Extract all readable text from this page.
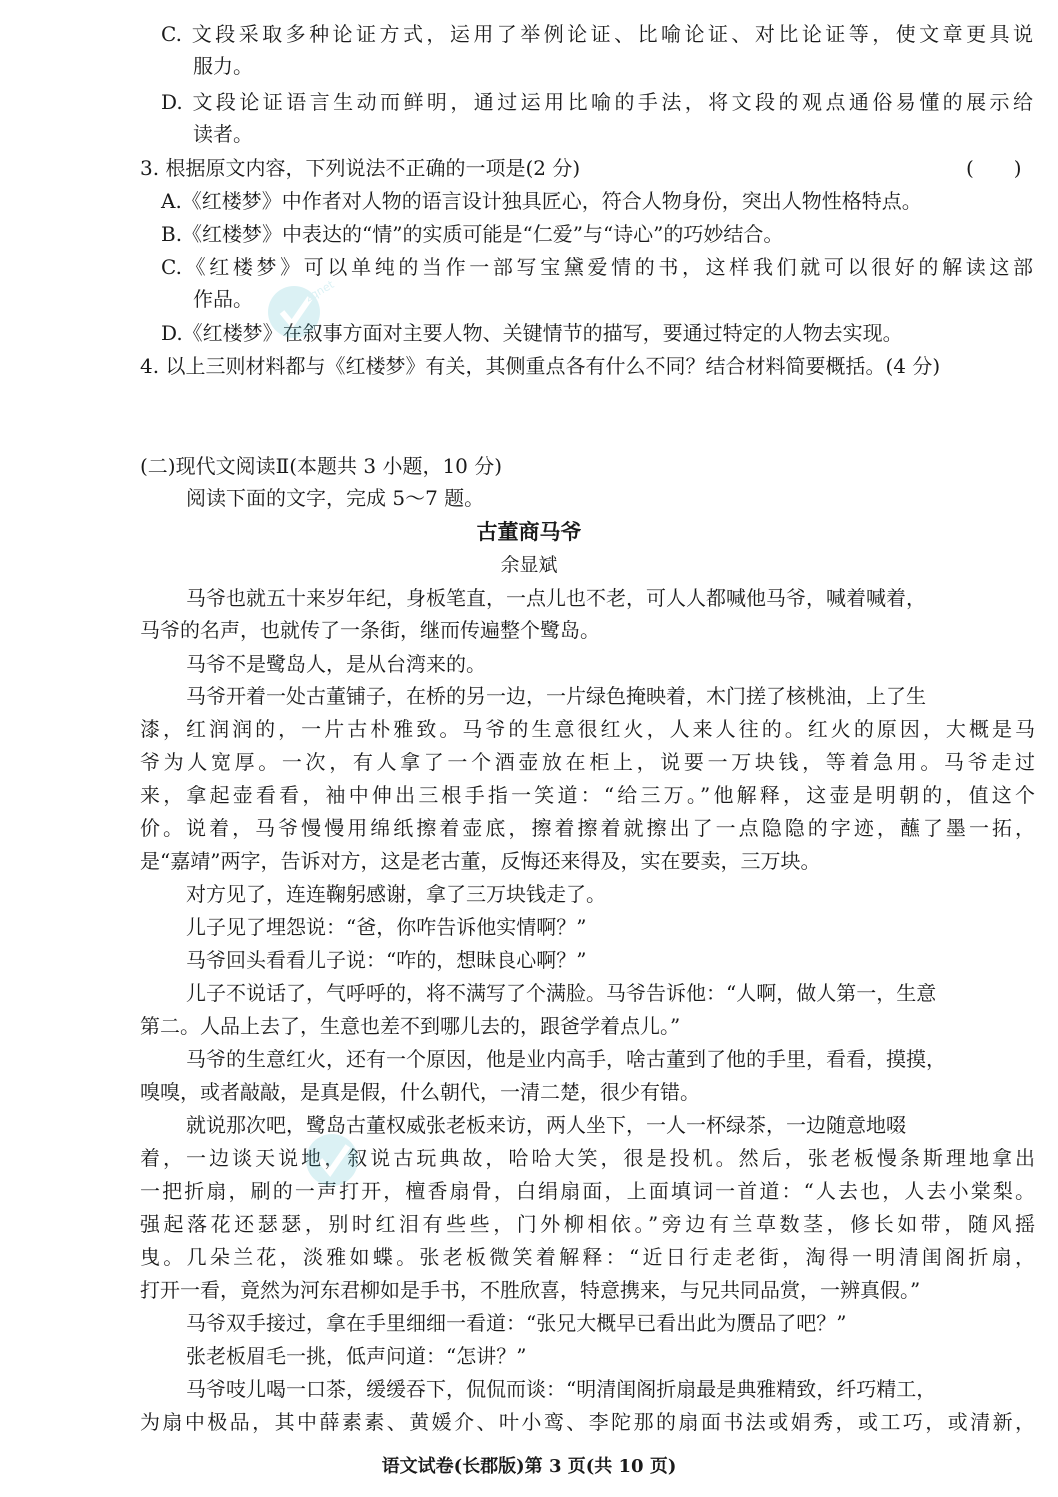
C. 文段采取多种论证方式，运用了举例论证、比喻论证、对比论证等，使文章更具说
服力。
D. 文段论证语言生动而鲜明，通过运用比喻的手法，将文段的观点通俗易懂的展示给
读者。
3. 根据原文内容，下列说法不正确的一项是(2 分)	(　　)
A.《红楼梦》中作者对人物的语言设计独具匠心，符合人物身份，突出人物性格特点。
B.《红楼梦》中表达的“情”的实质可能是“仁爱”与“诗心”的巧妙结合。
C.《红楼梦》可以单纯的当作一部写宝黛爱情的书，这样我们就可以很好的解读这部
作品。
D.《红楼梦》在叙事方面对主要人物、关键情节的描写，要通过特定的人物去实现。
4. 以上三则材料都与《红楼梦》有关，其侧重点各有什么不同？结合材料简要概括。(4 分)
(二)现代文阅读Ⅱ(本题共 3 小题，10 分)
阅读下面的文字，完成 5～7 题。
古董商马爷
余显斌
马爷也就五十来岁年纪，身板笔直，一点儿也不老，可人人都喊他马爷，喊着喊着，
马爷的名声，也就传了一条街，继而传遍整个鹭岛。
马爷不是鹭岛人，是从台湾来的。
马爷开着一处古董铺子，在桥的另一边，一片绿色掩映着，木门搓了核桃油，上了生
漆，红润润的，一片古朴雅致。马爷的生意很红火，人来人往的。红火的原因，大概是马
爷为人宽厚。一次，有人拿了一个酒壶放在柜上，说要一万块钱，等着急用。马爷走过
来，拿起壶看看，袖中伸出三根手指一笑道：“给三万。”他解释，这壶是明朝的，值这个
价。说着，马爷慢慢用绵纸擦着壶底，擦着擦着就擦出了一点隐隐的字迹，蘸了墨一拓，
是“嘉靖”两字，告诉对方，这是老古董，反悔还来得及，实在要卖，三万块。
对方见了，连连鞠躬感谢，拿了三万块钱走了。
儿子见了埋怨说：“爸，你咋告诉他实情啊？”
马爷回头看看儿子说：“咋的，想昧良心啊？”
儿子不说话了，气呼呼的，将不满写了个满脸。马爷告诉他：“人啊，做人第一，生意
第二。人品上去了，生意也差不到哪儿去的，跟爸学着点儿。”
马爷的生意红火，还有一个原因，他是业内高手，啥古董到了他的手里，看看，摸摸，
嗅嗅，或者敲敲，是真是假，什么朝代，一清二楚，很少有错。
就说那次吧，鹭岛古董权威张老板来访，两人坐下，一人一杯绿茶，一边随意地啜
着，一边谈天说地，叙说古玩典故，哈哈大笑，很是投机。然后，张老板慢条斯理地拿出
一把折扇，刷的一声打开，檀香扇骨，白绢扇面，上面填词一首道：“人去也，人去小棠梨。
强起落花还瑟瑟，别时红泪有些些，门外柳相依。”旁边有兰草数茎，修长如带，随风摇
曳。几朵兰花，淡雅如蝶。张老板微笑着解释：“近日行走老街，淘得一明清闺阁折扇，
打开一看，竟然为河东君柳如是手书，不胜欣喜，特意携来，与兄共同品赏，一辨真假。”
马爷双手接过，拿在手里细细一看道：“张兄大概早已看出此为赝品了吧？”
张老板眉毛一挑，低声问道：“怎讲？”
马爷吱儿喝一口茶，缓缓吞下，侃侃而谈：“明清闺阁折扇最是典雅精致，纤巧精工，
为扇中极品，其中薛素素、黄媛介、叶小鸾、李陀那的扇面书法或娟秀，或工巧，或清新，
语文试卷(长郡版)第 3 页(共 10 页)
zqnet
